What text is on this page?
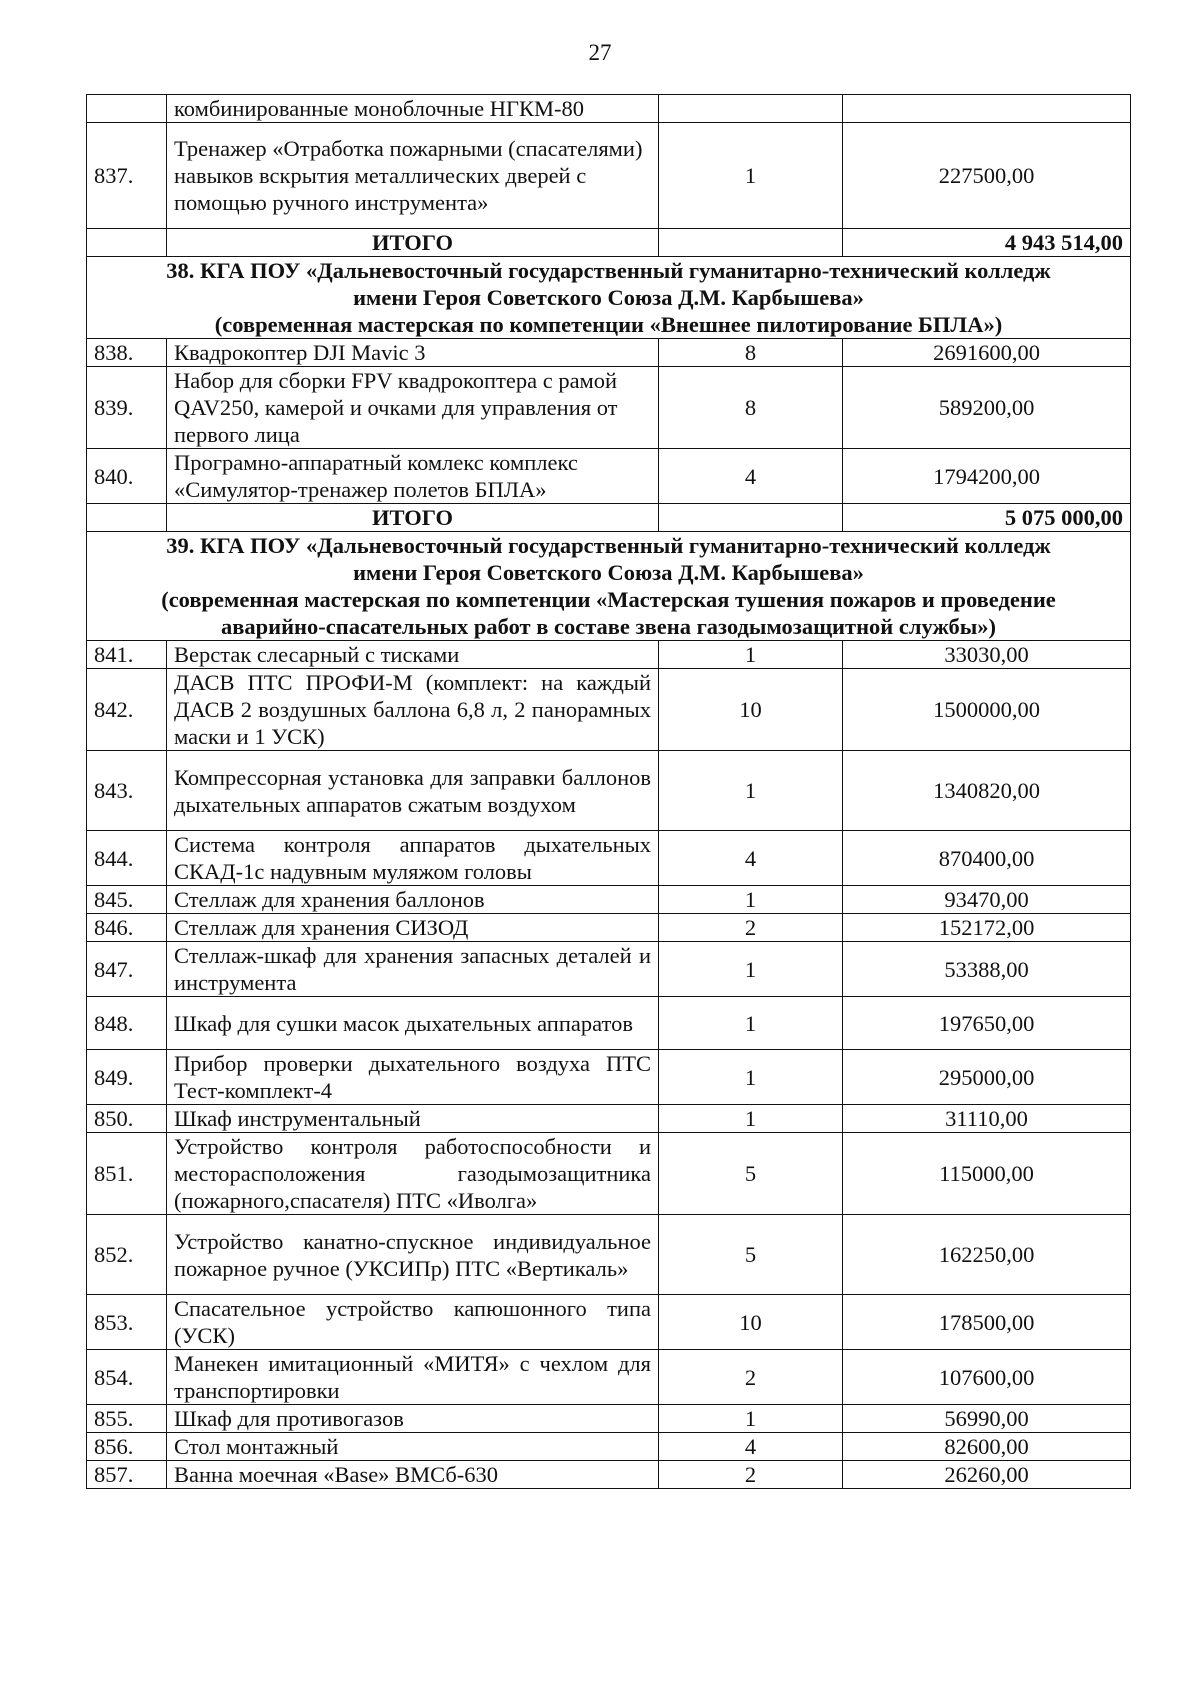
27
	комбинированные моноблочные НГКМ-80		
837.	Тренажер «Отработка пожарными (спасателями) навыков вскрытия металлических дверей с помощью ручного инструмента»	1	227500,00
	ИТОГО		4 943 514,00

38. КГА ПОУ «Дальневосточный государственный гуманитарно-технический колледж
имени Героя Советского Союза Д.М. Карбышева»
(современная мастерская по компетенции «Внешнее пилотирование БПЛА»)			

838.	Квадрокоптер DJI Mavic 3	8	2691600,00
839.	Набор для сборки FPV квадрокоптера с рамой QAV250, камерой и очками для управления от первого лица	8	589200,00
840.	Програмно-аппаратный комлекс комплекс «Симулятор-тренажер полетов БПЛА»	4	1794200,00
	ИТОГО		5 075 000,00

39. КГА ПОУ «Дальневосточный государственный гуманитарно-технический колледж
имени Героя Советского Союза Д.М. Карбышева»
(современная мастерская по компетенции «Мастерская тушения пожаров и проведение
аварийно-спасательных работ в составе звена газодымозащитной службы»)			

841.	Верстак слесарный с тисками	1	33030,00
842.	ДАСВ ПТС ПРОФИ-М (комплект: на каждый ДАСВ 2 воздушных баллона 6,8 л, 2 панорамных маски и 1 УСК)	10	1500000,00
843.	Компрессорная установка для заправки баллонов дыхательных аппаратов сжатым воздухом	1	1340820,00
844.	Система контроля аппаратов дыхательных СКАД-1с надувным муляжом головы	4	870400,00
845.	Стеллаж для хранения баллонов	1	93470,00
846.	Стеллаж для хранения СИЗОД	2	152172,00
847.	Стеллаж-шкаф для хранения запасных деталей и инструмента	1	53388,00
848.	Шкаф для сушки масок дыхательных аппаратов	1	197650,00
849.	Прибор проверки дыхательного воздуха ПТС Тест-комплект-4	1	295000,00
850.	Шкаф инструментальный	1	31110,00
851.	Устройство контроля работоспособности и месторасположения газодымозащитника (пожарного,спасателя) ПТС «Иволга»	5	115000,00
852.	Устройство канатно-спускное индивидуальное пожарное ручное (УКСИПр) ПТС «Вертикаль»	5	162250,00
853.	Спасательное устройство капюшонного типа (УСК)	10	178500,00
854.	Манекен имитационный «МИТЯ» с чехлом для транспортировки	2	107600,00
855.	Шкаф для противогазов	1	56990,00
856.	Стол монтажный	4	82600,00
857.	Ванна моечная «Base» ВМСб-630	2	26260,00
